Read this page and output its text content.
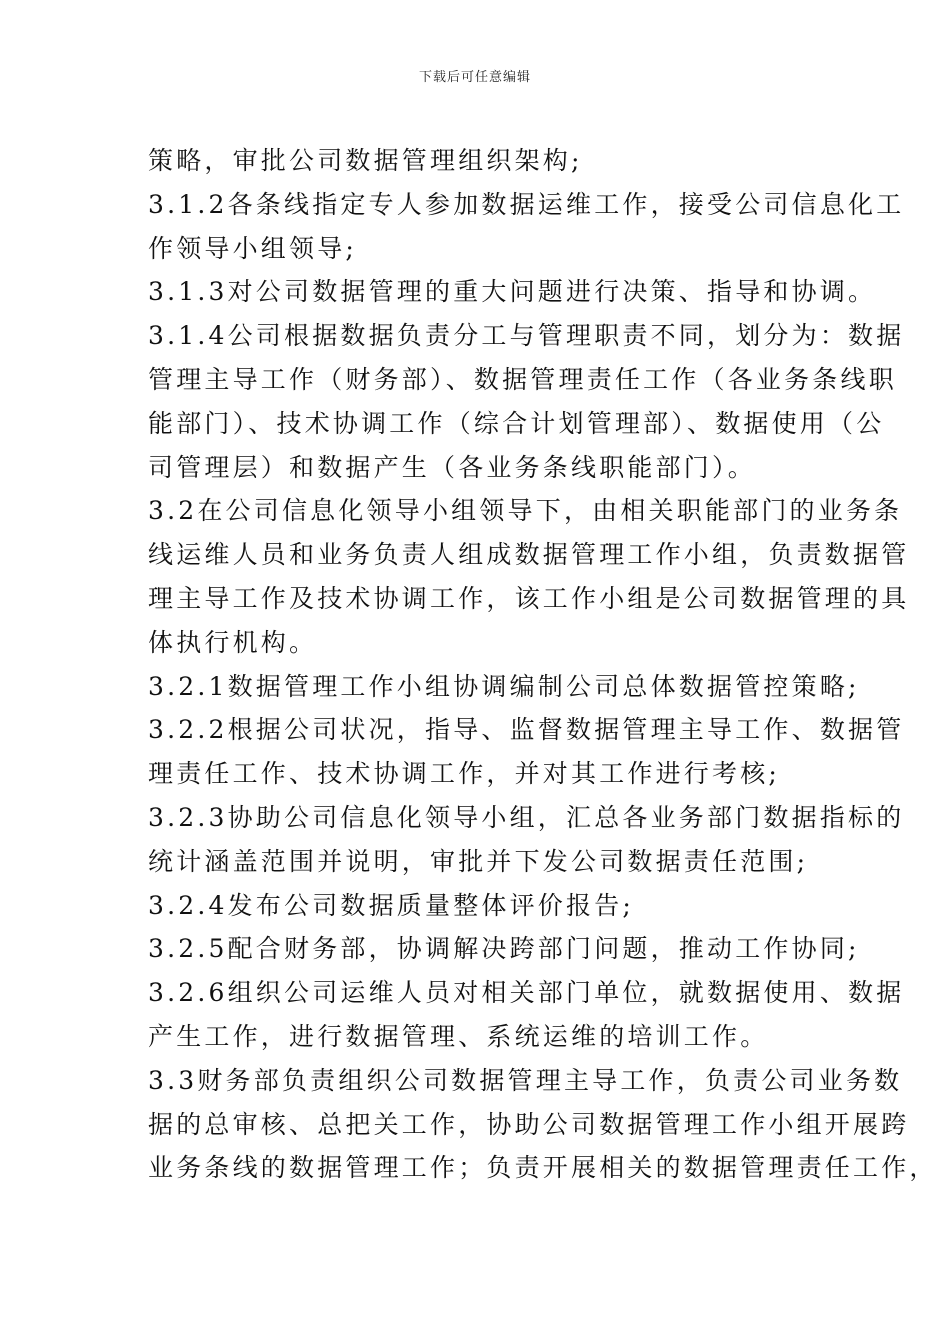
下载后可任意编辑
策略，审批公司数据管理组织架构;
3.1.2各条线指定专人参加数据运维工作，接受公司信息化工
作领导小组领导;
3.1.3对公司数据管理的重大问题进行决策、指导和协调。
3.1.4公司根据数据负责分工与管理职责不同，划分为：数据
管理主导工作（财务部）、数据管理责任工作（各业务条线职
能部门）、技术协调工作（综合计划管理部）、数据使用（公
司管理层）和数据产生（各业务条线职能部门）。
3.2在公司信息化领导小组领导下，由相关职能部门的业务条
线运维人员和业务负责人组成数据管理工作小组，负责数据管
理主导工作及技术协调工作，该工作小组是公司数据管理的具
体执行机构。
3.2.1数据管理工作小组协调编制公司总体数据管控策略;
3.2.2根据公司状况，指导、监督数据管理主导工作、数据管
理责任工作、技术协调工作，并对其工作进行考核;
3.2.3协助公司信息化领导小组，汇总各业务部门数据指标的
统计涵盖范围并说明，审批并下发公司数据责任范围;
3.2.4发布公司数据质量整体评价报告;
3.2.5配合财务部，协调解决跨部门问题，推动工作协同;
3.2.6组织公司运维人员对相关部门单位，就数据使用、数据
产生工作，进行数据管理、系统运维的培训工作。
3.3财务部负责组织公司数据管理主导工作，负责公司业务数
据的总审核、总把关工作，协助公司数据管理工作小组开展跨
业务条线的数据管理工作；负责开展相关的数据管理责任工作，
